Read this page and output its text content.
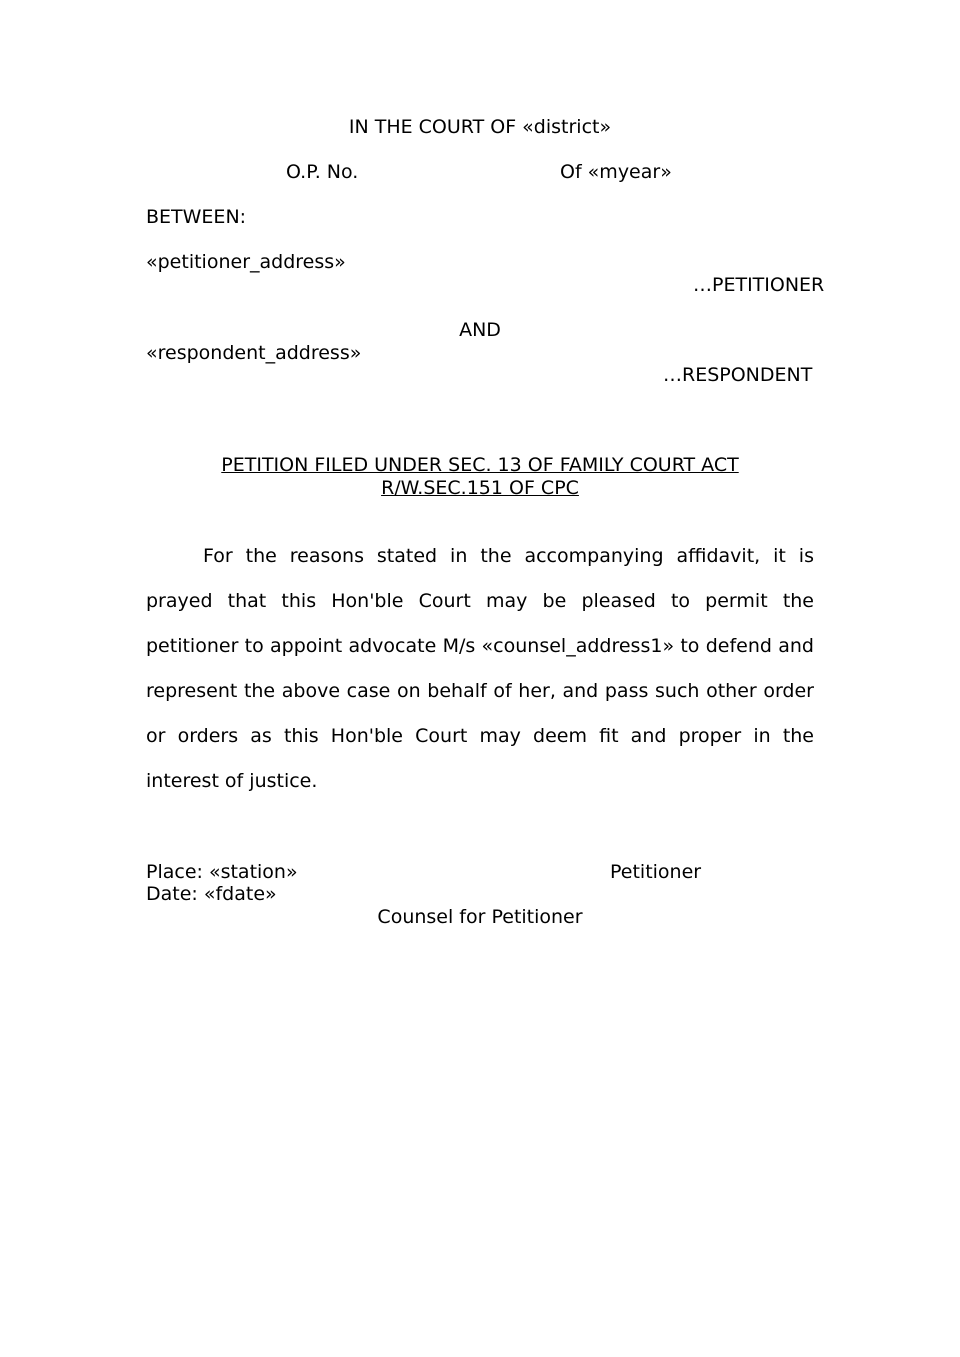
IN THE COURT OF «district»
O.P. No.	Of «myear»
BETWEEN:
«petitioner_address»
…PETITIONER
AND
«respondent_address»
…RESPONDENT
PETITION FILED UNDER SEC. 13 OF FAMILY COURT ACT
R/W.SEC.151 OF CPC
For the reasons stated in the accompanying affidavit, it is prayed that this Hon'ble Court may be pleased to permit the petitioner to appoint advocate M/s «counsel_address1» to defend and represent the above case on behalf of her, and pass such other order or orders as this Hon'ble Court may deem fit and proper in the interest of justice.
Place: «station»	Petitioner
Date: «fdate»
Counsel for Petitioner
